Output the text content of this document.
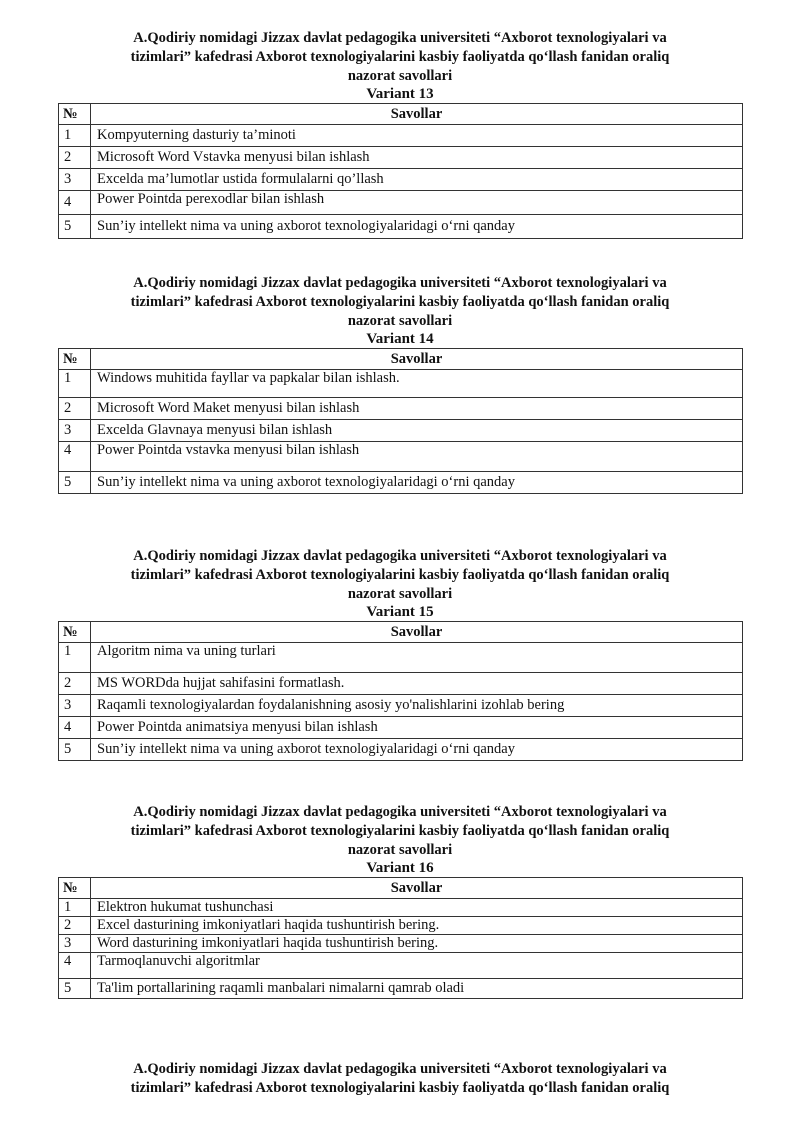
A.Qodiriy nomidagi Jizzax davlat pedagogika universiteti “Axborot texnologiyalari va
tizimlari” kafedrasi Axborot texnologiyalarini kasbiy faoliyatda qo‘llash fanidan oraliq
nazorat savollari
Variant 13
№	Savollar
1	Kompyuterning dasturiy ta’minoti
2	Microsoft Word Vstavka menyusi bilan ishlash
3	Excelda ma’lumotlar ustida formulalarni qo’llash
4	Power Pointda perexodlar bilan ishlash
5	Sun’iy intellekt nima va uning axborot texnologiyalaridagi o‘rni qanday
A.Qodiriy nomidagi Jizzax davlat pedagogika universiteti “Axborot texnologiyalari va
tizimlari” kafedrasi Axborot texnologiyalarini kasbiy faoliyatda qo‘llash fanidan oraliq
nazorat savollari
Variant 14
№	Savollar
1	Windows muhitida fayllar va papkalar bilan ishlash.
2	Microsoft Word Maket menyusi bilan ishlash
3	Excelda Glavnaya menyusi bilan ishlash
4	Power Pointda vstavka menyusi bilan ishlash
5	Sun’iy intellekt nima va uning axborot texnologiyalaridagi o‘rni qanday
A.Qodiriy nomidagi Jizzax davlat pedagogika universiteti “Axborot texnologiyalari va
tizimlari” kafedrasi Axborot texnologiyalarini kasbiy faoliyatda qo‘llash fanidan oraliq
nazorat savollari
Variant 15
№	Savollar
1	Algoritm nima va uning turlari
2	MS WORDda hujjat sahifasini formatlash.
3	Raqamli texnologiyalardan foydalanishning asosiy yo'nalishlarini izohlab bering
4	Power Pointda animatsiya menyusi bilan ishlash
5	Sun’iy intellekt nima va uning axborot texnologiyalaridagi o‘rni qanday
A.Qodiriy nomidagi Jizzax davlat pedagogika universiteti “Axborot texnologiyalari va
tizimlari” kafedrasi Axborot texnologiyalarini kasbiy faoliyatda qo‘llash fanidan oraliq
nazorat savollari
Variant 16
№	Savollar
1	Elektron hukumat tushunchasi
2	Excel dasturining imkoniyatlari haqida tushuntirish bering.
3	Word dasturining imkoniyatlari haqida tushuntirish bering.
4	Tarmoqlanuvchi algoritmlar
5	Ta'lim portallarining raqamli manbalari nimalarni qamrab oladi
A.Qodiriy nomidagi Jizzax davlat pedagogika universiteti “Axborot texnologiyalari va
tizimlari” kafedrasi Axborot texnologiyalarini kasbiy faoliyatda qo‘llash fanidan oraliq
